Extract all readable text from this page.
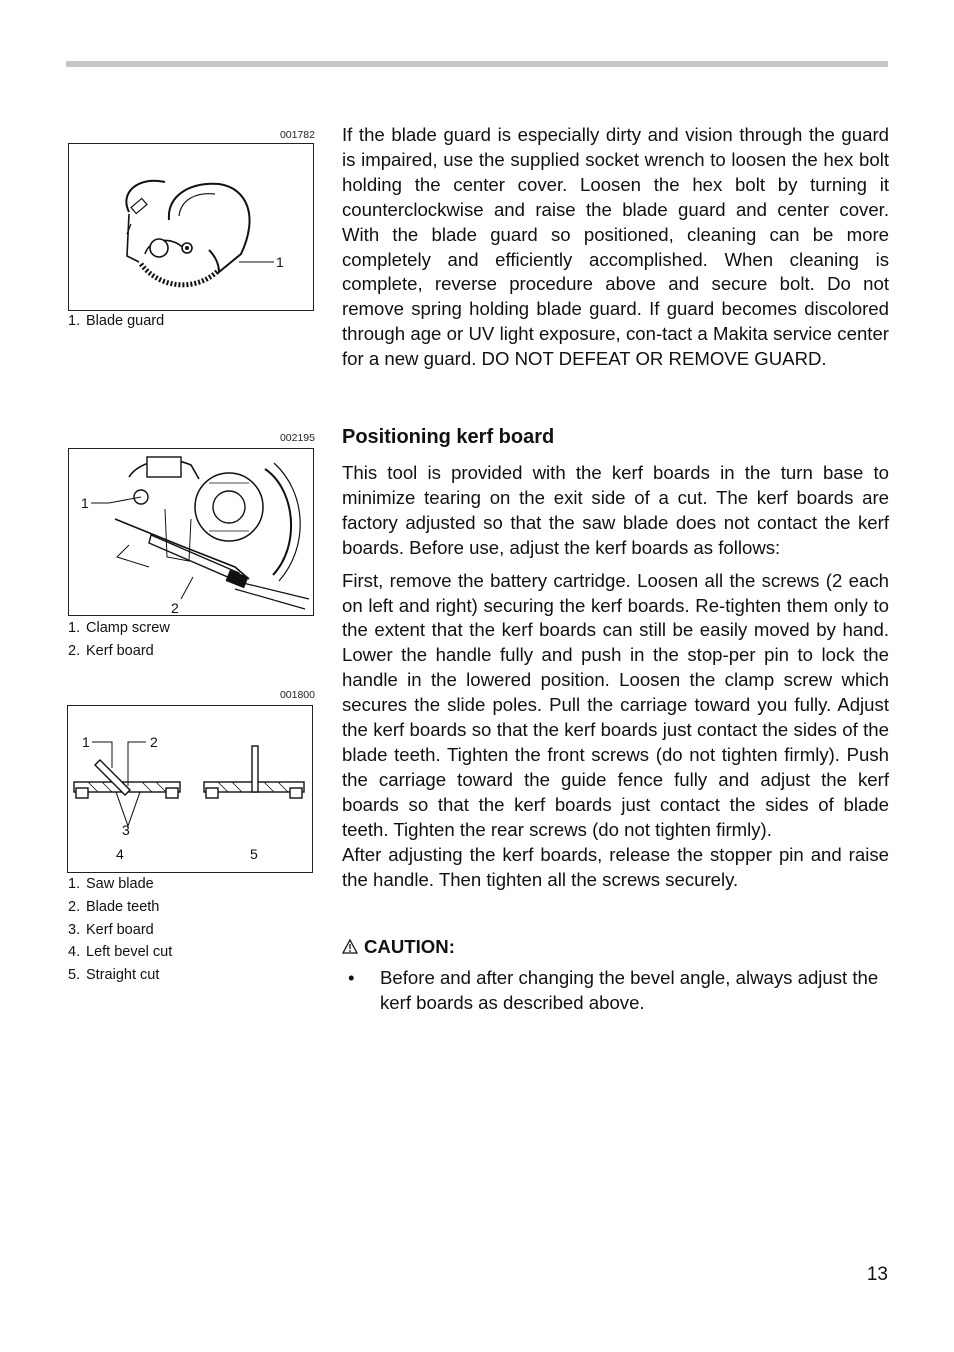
001782
1
1. Blade guard
002195
1
2
1. Clamp screw
2. Kerf board
001800
1	2
3
4	5
1. Saw blade
2. Blade teeth
3. Kerf board
4. Left bevel cut
5. Straight cut

If the blade guard is especially dirty and vision through the guard is impaired, use the supplied socket wrench to loosen the hex bolt holding the center cover. Loosen the hex bolt by turning it counterclockwise and raise the blade guard and center cover. With the blade guard so positioned, cleaning can be more completely and efficiently accomplished. When cleaning is complete, reverse procedure above and secure bolt. Do not remove spring holding blade guard. If guard becomes discolored through age or UV light exposure, con-tact a Makita service center for a new guard. DO NOT DEFEAT OR REMOVE GUARD.

Positioning kerf board

This tool is provided with the kerf boards in the turn base to minimize tearing on the exit side of a cut. The kerf boards are factory adjusted so that the saw blade does not contact the kerf boards. Before use, adjust the kerf boards as follows:

First, remove the battery cartridge. Loosen all the screws (2 each on left and right) securing the kerf boards. Re-tighten them only to the extent that the kerf boards can still be easily moved by hand. Lower the handle fully and push in the stop-per pin to lock the handle in the lowered position. Loosen the clamp screw which secures the slide poles. Pull the carriage toward you fully. Adjust the kerf boards so that the kerf boards just contact the sides of the blade teeth. Tighten the front screws (do not tighten firmly). Push the carriage toward the guide fence fully and adjust the kerf boards so that the kerf boards just contact the sides of blade teeth. Tighten the rear screws (do not tighten firmly).

After adjusting the kerf boards, release the stopper pin and raise the handle. Then tighten all the screws securely.

CAUTION:
• Before and after changing the bevel angle, always adjust the kerf boards as described above.
13
